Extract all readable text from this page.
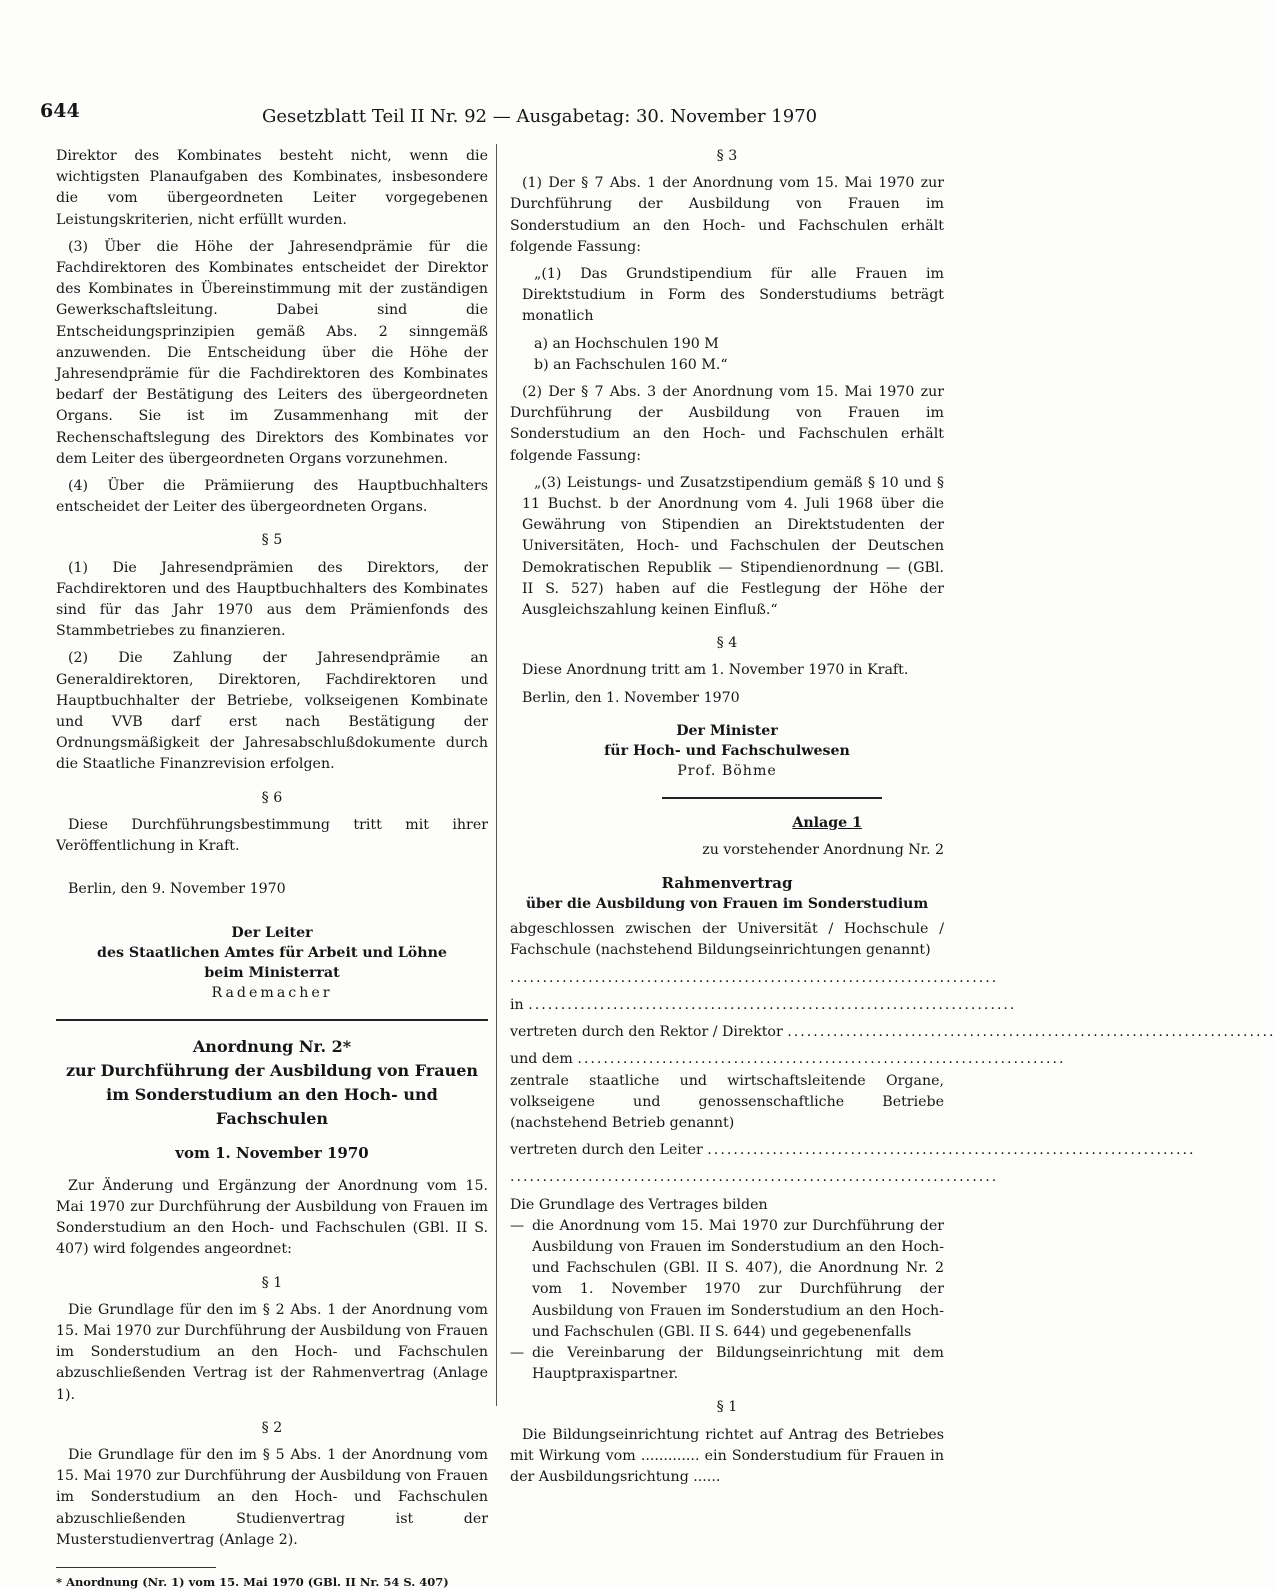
644	Gesetzblatt Teil II Nr. 92 — Ausgabetag: 30. November 1970

Direktor des Kombinates besteht nicht, wenn die wichtigsten Planaufgaben des Kombinates, insbesondere die vom übergeordneten Leiter vorgegebenen Leistungskriterien, nicht erfüllt wurden.

(3) Über die Höhe der Jahresendprämie für die Fachdirektoren des Kombinates entscheidet der Direktor des Kombinates in Übereinstimmung mit der zuständigen Gewerkschaftsleitung. Dabei sind die Entscheidungsprinzipien gemäß Abs. 2 sinngemäß anzuwenden. Die Entscheidung über die Höhe der Jahresendprämie für die Fachdirektoren des Kombinates bedarf der Bestätigung des Leiters des übergeordneten Organs. Sie ist im Zusammenhang mit der Rechenschaftslegung des Direktors des Kombinates vor dem Leiter des übergeordneten Organs vorzunehmen.

(4) Über die Prämiierung des Hauptbuchhalters entscheidet der Leiter des übergeordneten Organs.

§ 5

(1) Die Jahresendprämien des Direktors, der Fachdirektoren und des Hauptbuchhalters des Kombinates sind für das Jahr 1970 aus dem Prämienfonds des Stammbetriebes zu finanzieren.

(2) Die Zahlung der Jahresendprämie an Generaldirektoren, Direktoren, Fachdirektoren und Hauptbuchhalter der Betriebe, volkseigenen Kombinate und VVB darf erst nach Bestätigung der Ordnungsmäßigkeit der Jahresabschlußdokumente durch die Staatliche Finanzrevision erfolgen.

§ 6

Diese Durchführungsbestimmung tritt mit ihrer Veröffentlichung in Kraft.

Berlin, den 9. November 1970

Der Leiter
des Staatlichen Amtes für Arbeit und Löhne
beim Ministerrat
Rademacher
Anordnung Nr. 2*
zur Durchführung der Ausbildung von Frauen
im Sonderstudium an den Hoch- und Fachschulen
vom 1. November 1970

Zur Änderung und Ergänzung der Anordnung vom 15. Mai 1970 zur Durchführung der Ausbildung von Frauen im Sonderstudium an den Hoch- und Fachschulen (GBl. II S. 407) wird folgendes angeordnet:

§ 1

Die Grundlage für den im § 2 Abs. 1 der Anordnung vom 15. Mai 1970 zur Durchführung der Ausbildung von Frauen im Sonderstudium an den Hoch- und Fachschulen abzuschließenden Vertrag ist der Rahmenvertrag (Anlage 1).

§ 2

Die Grundlage für den im § 5 Abs. 1 der Anordnung vom 15. Mai 1970 zur Durchführung der Ausbildung von Frauen im Sonderstudium an den Hoch- und Fachschulen abzuschließenden Studienvertrag ist der Musterstudienvertrag (Anlage 2).

* Anordnung (Nr. 1) vom 15. Mai 1970 (GBl. II Nr. 54 S. 407)

§ 3

(1) Der § 7 Abs. 1 der Anordnung vom 15. Mai 1970 zur Durchführung der Ausbildung von Frauen im Sonderstudium an den Hoch- und Fachschulen erhält folgende Fassung:

„(1) Das Grundstipendium für alle Frauen im Direktstudium in Form des Sonderstudiums beträgt monatlich

a) an Hochschulen 190 M
b) an Fachschulen 160 M.“

(2) Der § 7 Abs. 3 der Anordnung vom 15. Mai 1970 zur Durchführung der Ausbildung von Frauen im Sonderstudium an den Hoch- und Fachschulen erhält folgende Fassung:

„(3) Leistungs- und Zusatzstipendium gemäß § 10 und § 11 Buchst. b der Anordnung vom 4. Juli 1968 über die Gewährung von Stipendien an Direktstudenten der Universitäten, Hoch- und Fachschulen der Deutschen Demokratischen Republik — Stipendienordnung — (GBl. II S. 527) haben auf die Festlegung der Höhe der Ausgleichszahlung keinen Einfluß.“

§ 4

Diese Anordnung tritt am 1. November 1970 in Kraft.

Berlin, den 1. November 1970

Der Minister
für Hoch- und Fachschulwesen
Prof. Böhme
Anlage 1
zu vorstehender Anordnung Nr. 2
Rahmenvertrag
über die Ausbildung von Frauen im Sonderstudium

abgeschlossen zwischen der Universität / Hochschule / Fachschule (nachstehend Bildungseinrichtungen genannt)

...........................................................................
in ...........................................................................
vertreten durch den Rektor / Direktor ...........................................................................
und dem ...........................................................................

zentrale staatliche und wirtschaftsleitende Organe, volkseigene und genossenschaftliche Betriebe (nachstehend Betrieb genannt)

vertreten durch den Leiter ...........................................................................
...........................................................................

Die Grundlage des Vertrages bilden

— die Anordnung vom 15. Mai 1970 zur Durchführung der Ausbildung von Frauen im Sonderstudium an den Hoch- und Fachschulen (GBl. II S. 407), die Anordnung Nr. 2 vom 1. November 1970 zur Durchführung der Ausbildung von Frauen im Sonderstudium an den Hoch- und Fachschulen (GBl. II S. 644) und gegebenenfalls
— die Vereinbarung der Bildungseinrichtung mit dem Hauptpraxispartner.
§ 1

Die Bildungseinrichtung richtet auf Antrag des Betriebes mit Wirkung vom ............. ein Sonderstudium für Frauen in der Ausbildungsrichtung ......
